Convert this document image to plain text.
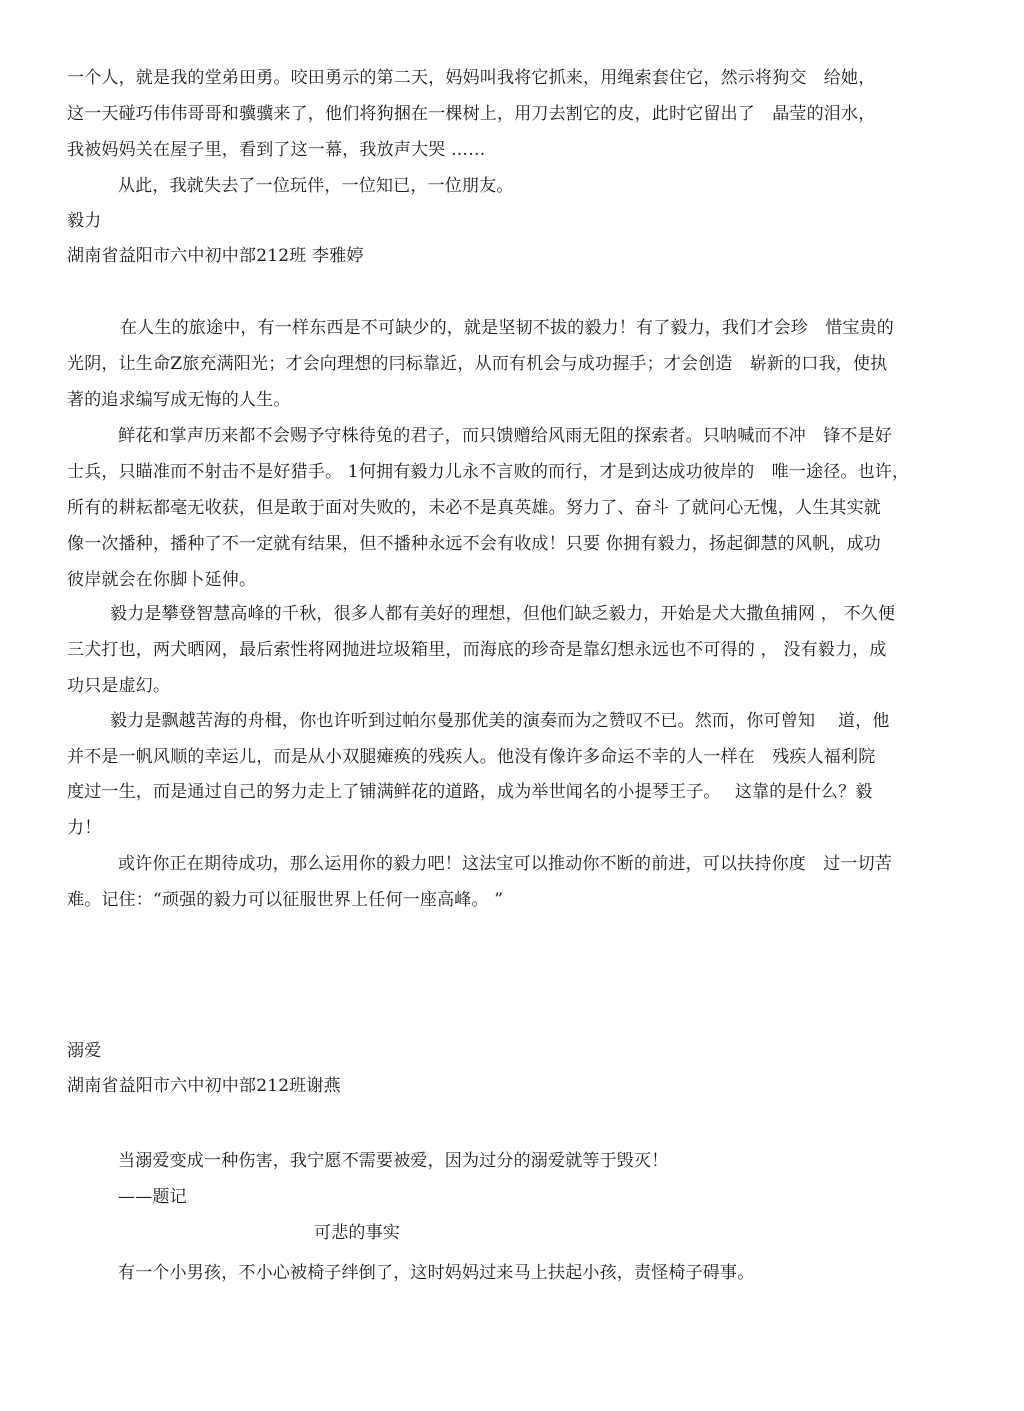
一个人，就是我的堂弟田勇。咬田勇示的第二天，妈妈叫我将它抓来，用绳索套住它，然示将狗交　给她，
这一天碰巧伟伟哥哥和骥骥来了，他们将狗捆在一棵树上，用刀去割它的皮，此时它留出了　晶莹的泪水，
我被妈妈关在屋子里，看到了这一幕，我放声大哭 ……
从此，我就失去了一位玩伴，一位知已，一位朋友。
毅力
湖南省益阳市六中初中部212班 李雅婷
在人生的旅途中，有一样东西是不可缺少的，就是坚韧不拔的毅力！有了毅力，我们才会珍　惜宝贵的
光阴，让生命Z旅充满阳光；才会向理想的冃标靠近，从而有机会与成功握手；才会创造　崭新的口我，使执
著的追求编写成无悔的人生。
鲜花和掌声历来都不会赐予守株待兔的君子，而只馈赠给风雨无阻的探索者。只呐喊而不冲　锋不是好
士兵，只瞄准而不射击不是好猎手。 1何拥有毅力儿永不言败的而行，才是到达成功彼岸的　唯一途径。也许，
所有的耕耘都毫无收获，但是敢于面对失败的，未必不是真英雄。努力了、奋斗 了就问心无愧，人生其实就
像一次播种，播种了不一定就有结果，但不播种永远不会有收成！只要 你拥有毅力，扬起御慧的风帆，成功
彼岸就会在你脚卜延伸。
毅力是攀登智慧高峰的千秋，很多人都有美好的理想，但他们缺乏毅力，开始是犬大撒鱼捕网 ， 不久便
三犬打也，两犬晒网，最后索性将网抛进垃圾箱里，而海底的珍奇是靠幻想永远也不可得的 ， 没有毅力，成
功只是虚幻。
毅力是飘越苦海的舟楫，你也许听到过帕尔曼那优美的演奏而为之赞叹不已。然而，你可曾知　 道，他
并不是一帆风顺的幸运儿，而是从小双腿瘫痪的残疾人。他没有像许多命运不幸的人一样在　残疾人福利院
度过一生，而是通过自己的努力走上了铺满鲜花的道路，成为举世闻名的小提琴王子。　 这靠的是什么？毅
力！
或许你正在期待成功，那么运用你的毅力吧！这法宝可以推动你不断的前进，可以扶持你度　过一切苦
难。记住：“顽强的毅力可以征服世界上任何一座高峰。 ”
溺爱
湖南省益阳市六中初中部212班谢燕
当溺爱变成一种伤害，我宁愿不需要被爱，因为过分的溺爱就等于毁灭！
——题记
可悲的事实
有一个小男孩，不小心被椅子绊倒了，这时妈妈过来马上扶起小孩，责怪椅子碍事。
